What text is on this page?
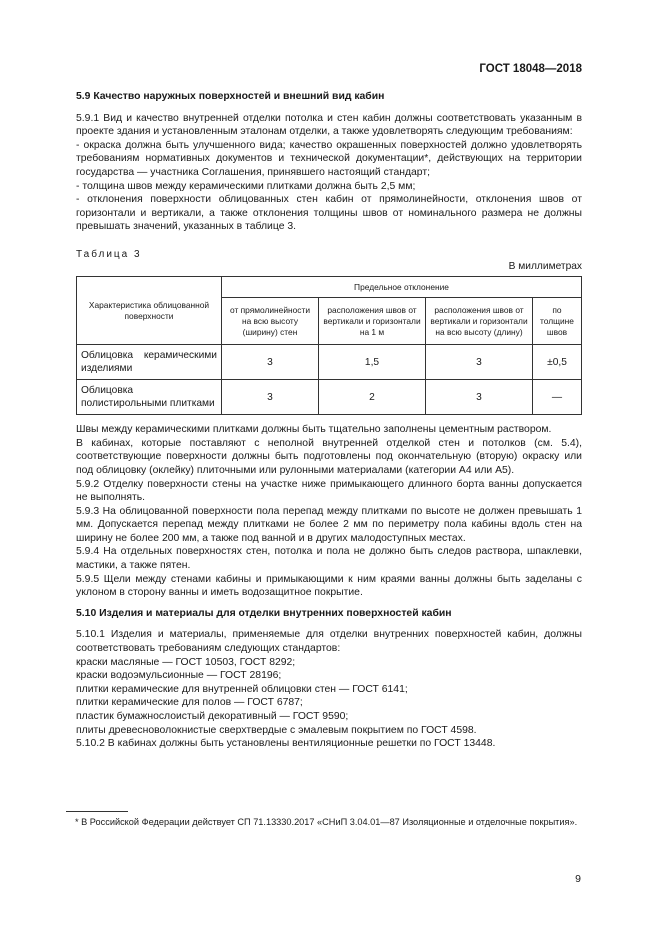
ГОСТ 18048—2018
5.9 Качество наружных поверхностей и внешний вид кабин

5.9.1 Вид и качество внутренней отделки потолка и стен кабин должны соответствовать указанным в проекте здания и установленным эталонам отделки, а также удовлетворять следующим требованиям:

- окраска должна быть улучшенного вида; качество окрашенных поверхностей должно удовлетворять требованиям нормативных документов и технической документации*, действующих на территории государства — участника Соглашения, принявшего настоящий стандарт;

- толщина швов между керамическими плитками должна быть 2,5 мм;

- отклонения поверхности облицованных стен кабин от прямолинейности, отклонения швов от горизонтали и вертикали, а также отклонения толщины швов от номинального размера не должны превышать значений, указанных в таблице 3.

Таблица 3
В миллиметрах
Характеристика облицованной поверхности	Предельное отклонение			
	от прямолинейности на всю высоту (ширину) стен	расположения швов от вертикали и горизонтали на 1 м	расположения швов от вертикали и горизонтали на всю высоту (длину)	по толщине швов
Облицовка керамическими изделиями	3	1,5	3	±0,5
Облицовка полистирольными плитками	3	2	3	—

Швы между керамическими плитками должны быть тщательно заполнены цементным раствором.

В кабинах, которые поставляют с неполной внутренней отделкой стен и потолков (см. 5.4), соответствующие поверхности должны быть подготовлены под окончательную (вторую) окраску или под облицовку (оклейку) плиточными или рулонными материалами (категории А4 или А5).

5.9.2 Отделку поверхности стены на участке ниже примыкающего длинного борта ванны допускается не выполнять.

5.9.3 На облицованной поверхности пола перепад между плитками по высоте не должен превышать 1 мм. Допускается перепад между плитками не более 2 мм по периметру пола кабины вдоль стен на ширину не более 200 мм, а также под ванной и в других малодоступных местах.

5.9.4 На отдельных поверхностях стен, потолка и пола не должно быть следов раствора, шпаклевки, мастики, а также пятен.

5.9.5 Щели между стенами кабины и примыкающими к ним краями ванны должны быть заделаны с уклоном в сторону ванны и иметь водозащитное покрытие.

5.10 Изделия и материалы для отделки внутренних поверхностей кабин

5.10.1 Изделия и материалы, применяемые для отделки внутренних поверхностей кабин, должны соответствовать требованиям следующих стандартов:

краски масляные — ГОСТ 10503, ГОСТ 8292;

краски водоэмульсионные — ГОСТ 28196;

плитки керамические для внутренней облицовки стен — ГОСТ 6141;

плитки керамические для полов — ГОСТ 6787;

пластик бумажнослоистый декоративный — ГОСТ 9590;

плиты древесноволокнистые сверхтвердые с эмалевым покрытием по ГОСТ 4598.

5.10.2 В кабинах должны быть установлены вентиляционные решетки по ГОСТ 13448.

* В Российской Федерации действует СП 71.13330.2017 «СНиП 3.04.01—87 Изоляционные и отделочные покрытия».
9
